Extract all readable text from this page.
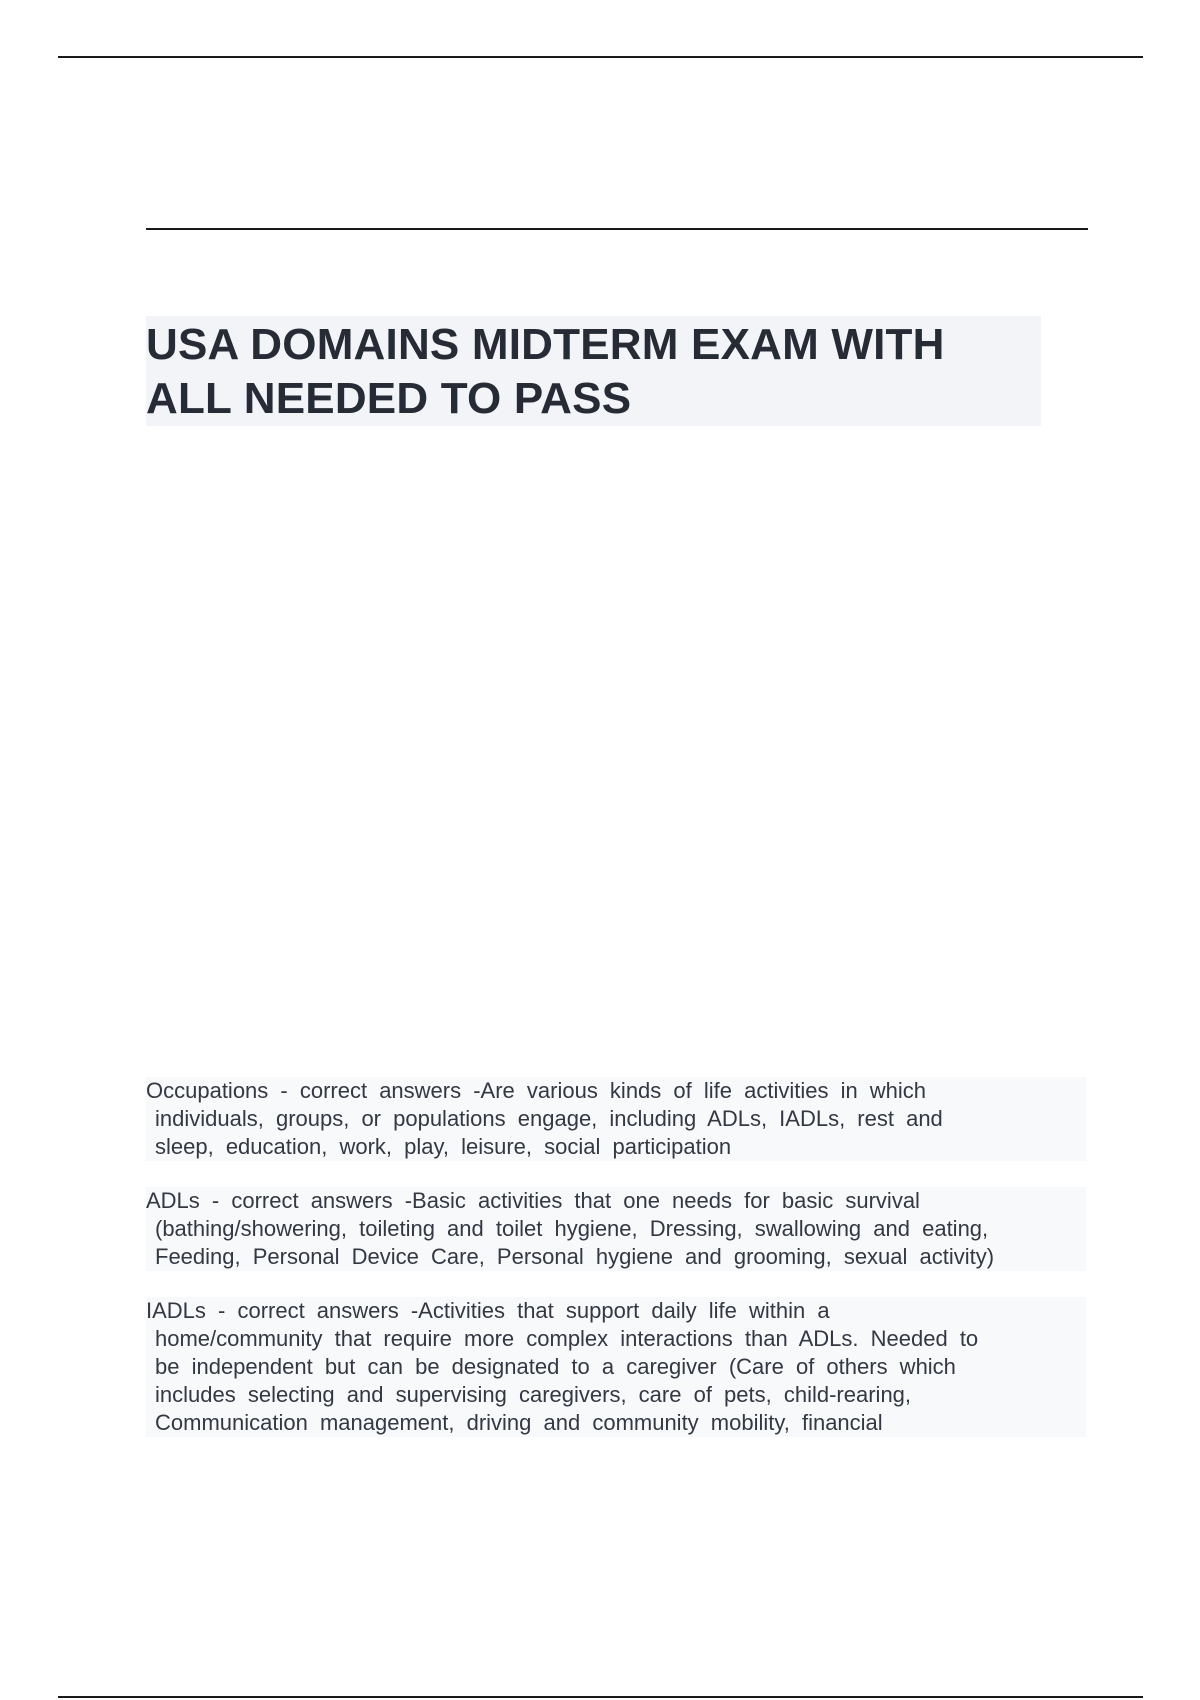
USA DOMAINS MIDTERM EXAM WITH
ALL NEEDED TO PASS

Occupations - correct answers -Are various kinds of life activities in which
individuals, groups, or populations engage, including ADLs, IADLs, rest and
sleep, education, work, play, leisure, social participation

ADLs - correct answers -Basic activities that one needs for basic survival
(bathing/showering, toileting and toilet hygiene, Dressing, swallowing and eating,
Feeding, Personal Device Care, Personal hygiene and grooming, sexual activity)

IADLs - correct answers -Activities that support daily life within a
home/community that require more complex interactions than ADLs. Needed to
be independent but can be designated to a caregiver (Care of others which
includes selecting and supervising caregivers, care of pets, child-rearing,
Communication management, driving and community mobility, financial
